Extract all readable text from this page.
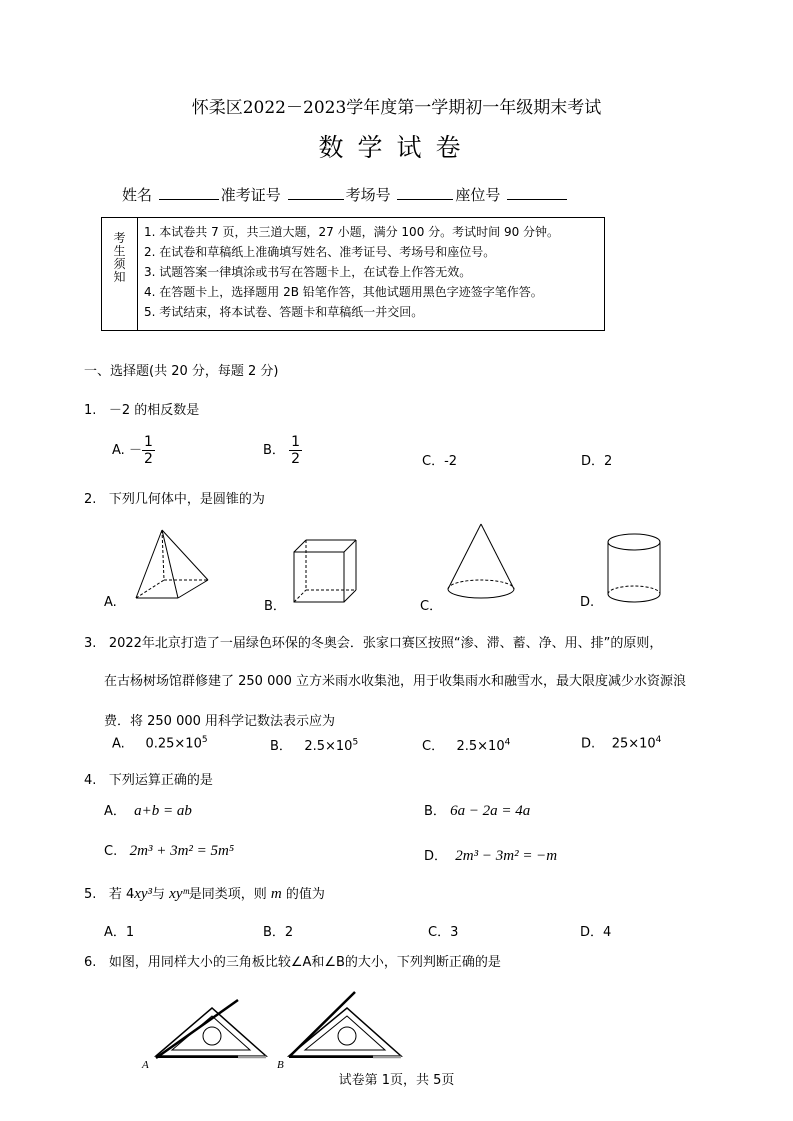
怀柔区2022－2023学年度第一学期初一年级期末考试
数学试卷
姓名	准考证号	考场号	座位号
考
生
须
知
1. 本试卷共 7 页，共三道大题，27 小题，满分 100 分。考试时间 90 分钟。
2. 在试卷和草稿纸上准确填写姓名、准考证号、考场号和座位号。
3. 试题答案一律填涂或书写在答题卡上，在试卷上作答无效。
4. 在答题卡上，选择题用 2B 铅笔作答，其他试题用黑色字迹签字笔作答。
5. 考试结束，将本试卷、答题卡和草稿纸一并交回。
一、选择题(共 20 分，每题 2 分)
1. －2 的相反数是
A. － $\frac{1}{2}$	B． $\frac{1}{2}$	C．-2	D．2
2. 下列几何体中，是圆锥的为
A.	B．	C．	D.
3. 2022年北京打造了一届绿色环保的冬奥会．张家口赛区按照“渗、滞、蓄、净、用、排”的原则，
在古杨树场馆群修建了 250 000 立方米雨水收集池，用于收集雨水和融雪水，最大限度减少水资源浪
费．将 250 000 用科学记数法表示应为
A. $0.25\times 10^5$	B． $2.5\times 10^5$	C． $2.5\times 10^4$	D. $25\times 10^4$
4. 下列运算正确的是
A． a+b = ab	B． 6a − 2a = 4a
C. 2m³ + 3m² = 5m⁵	D． 2m³ − 3m² = −m
5. 若 4xy³与 xyᵐ是同类项，则 m 的值为
A．1	B．2	C．3	D．4
6. 如图，用同样大小的三角板比较∠A和∠B的大小，下列判断正确的是
A	B
试卷第 1页，共 5页
